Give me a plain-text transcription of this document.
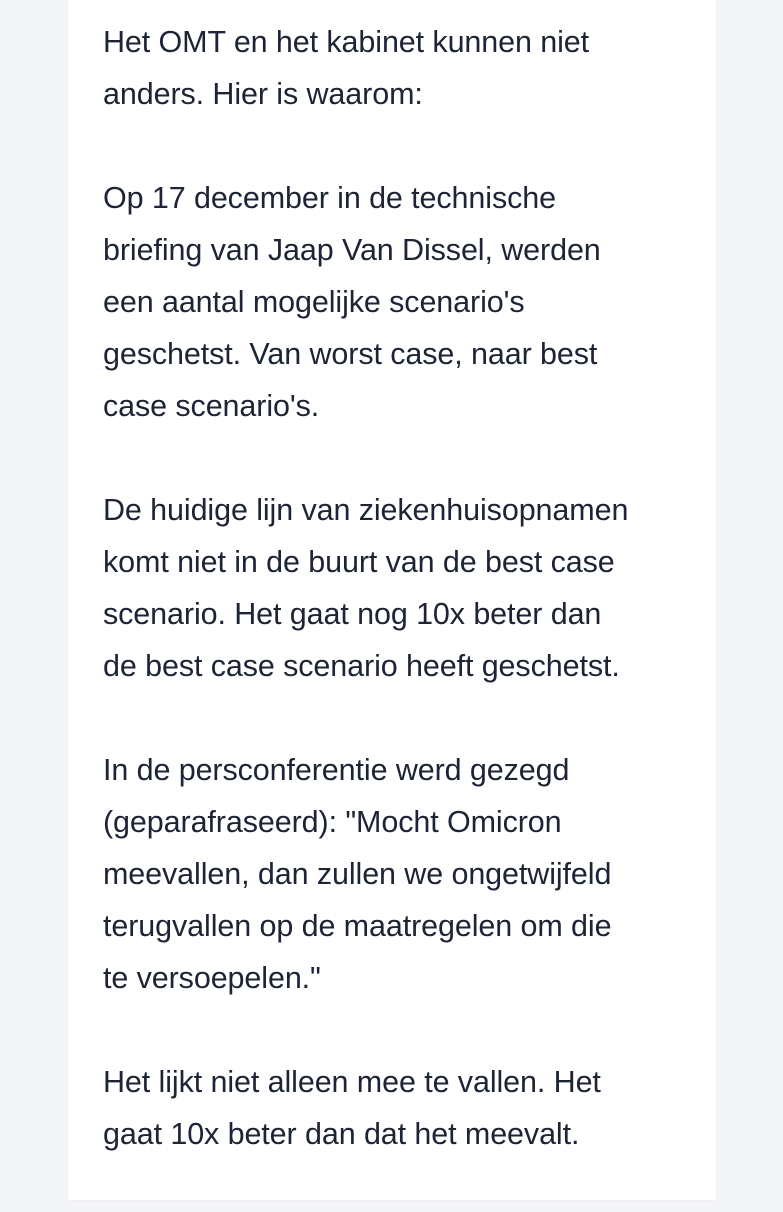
Het OMT en het kabinet kunnen niet
anders. Hier is waarom:

Op 17 december in de technische
briefing van Jaap Van Dissel, werden
een aantal mogelijke scenario's
geschetst. Van worst case, naar best
case scenario's.

De huidige lijn van ziekenhuisopnamen
komt niet in de buurt van de best case
scenario. Het gaat nog 10x beter dan
de best case scenario heeft geschetst.

In de persconferentie werd gezegd
(geparafraseerd): "Mocht Omicron
meevallen, dan zullen we ongetwijfeld
terugvallen op de maatregelen om die
te versoepelen."

Het lijkt niet alleen mee te vallen. Het
gaat 10x beter dan dat het meevalt.
